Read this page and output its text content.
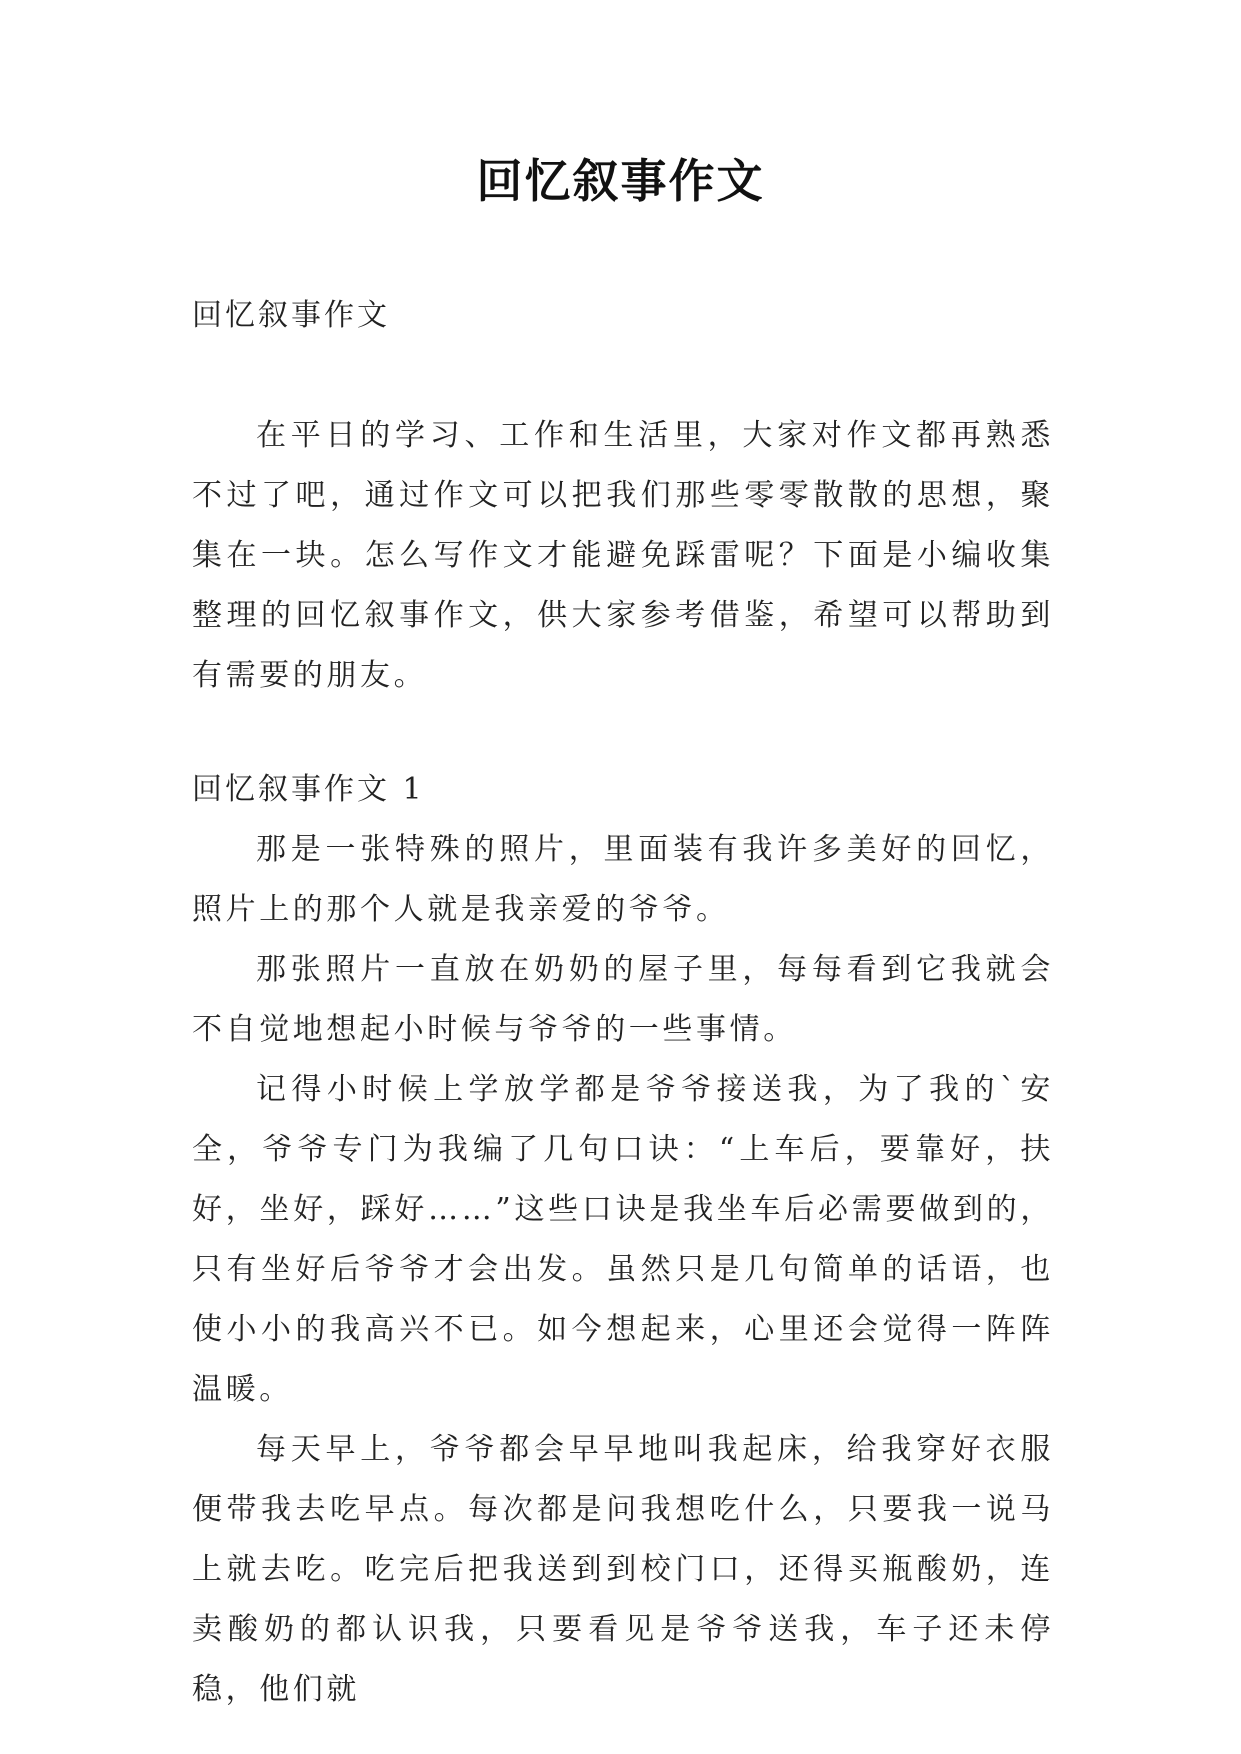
回忆叙事作文

回忆叙事作文

在平日的学习、工作和生活里，大家对作文都再熟悉不过了吧，通过作文可以把我们那些零零散散的思想，聚集在一块。怎么写作文才能避免踩雷呢？下面是小编收集整理的回忆叙事作文，供大家参考借鉴，希望可以帮助到有需要的朋友。

回忆叙事作文 1

那是一张特殊的照片，里面装有我许多美好的回忆，照片上的那个人就是我亲爱的爷爷。

那张照片一直放在奶奶的屋子里，每每看到它我就会不自觉地想起小时候与爷爷的一些事情。

记得小时候上学放学都是爷爷接送我，为了我的`安全，爷爷专门为我编了几句口诀：“上车后，要靠好，扶好，坐好，踩好……”这些口诀是我坐车后必需要做到的，只有坐好后爷爷才会出发。虽然只是几句简单的话语，也使小小的我高兴不已。如今想起来，心里还会觉得一阵阵温暖。

每天早上，爷爷都会早早地叫我起床，给我穿好衣服便带我去吃早点。每次都是问我想吃什么，只要我一说马上就去吃。吃完后把我送到到校门口，还得买瓶酸奶，连卖酸奶的都认识我，只要看见是爷爷送我，车子还未停稳，他们就
